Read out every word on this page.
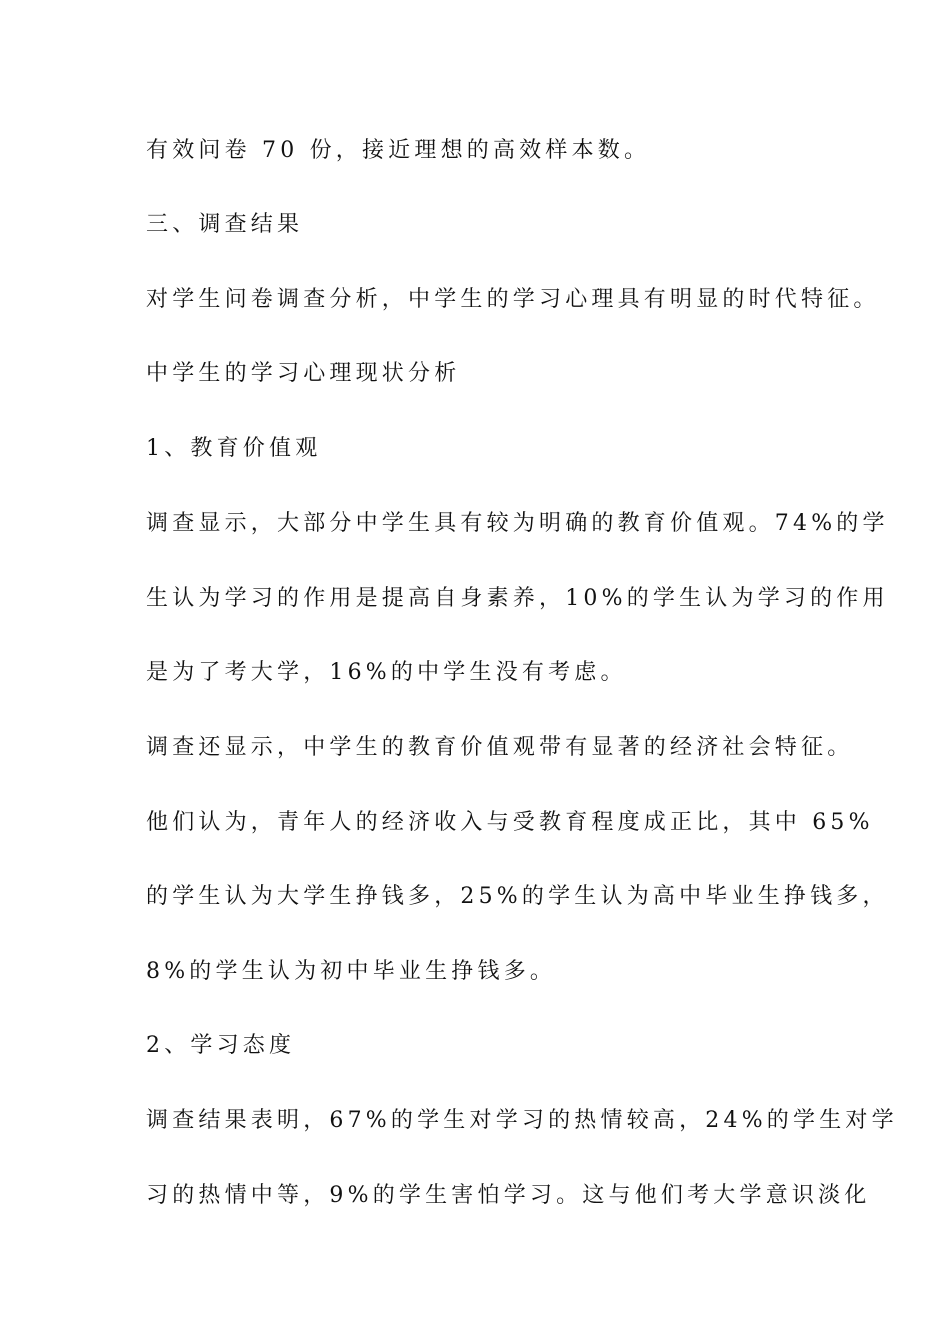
有效问卷 70 份，接近理想的高效样本数。
三、调查结果
对学生问卷调查分析，中学生的学习心理具有明显的时代特征。
中学生的学习心理现状分析
1、教育价值观
调查显示，大部分中学生具有较为明确的教育价值观。74%的学
生认为学习的作用是提高自身素养，10%的学生认为学习的作用
是为了考大学，16%的中学生没有考虑。
调查还显示，中学生的教育价值观带有显著的经济社会特征。
他们认为，青年人的经济收入与受教育程度成正比，其中 65%
的学生认为大学生挣钱多，25%的学生认为高中毕业生挣钱多，
8%的学生认为初中毕业生挣钱多。
2、学习态度
调查结果表明，67%的学生对学习的热情较高，24%的学生对学
习的热情中等，9%的学生害怕学习。这与他们考大学意识淡化
